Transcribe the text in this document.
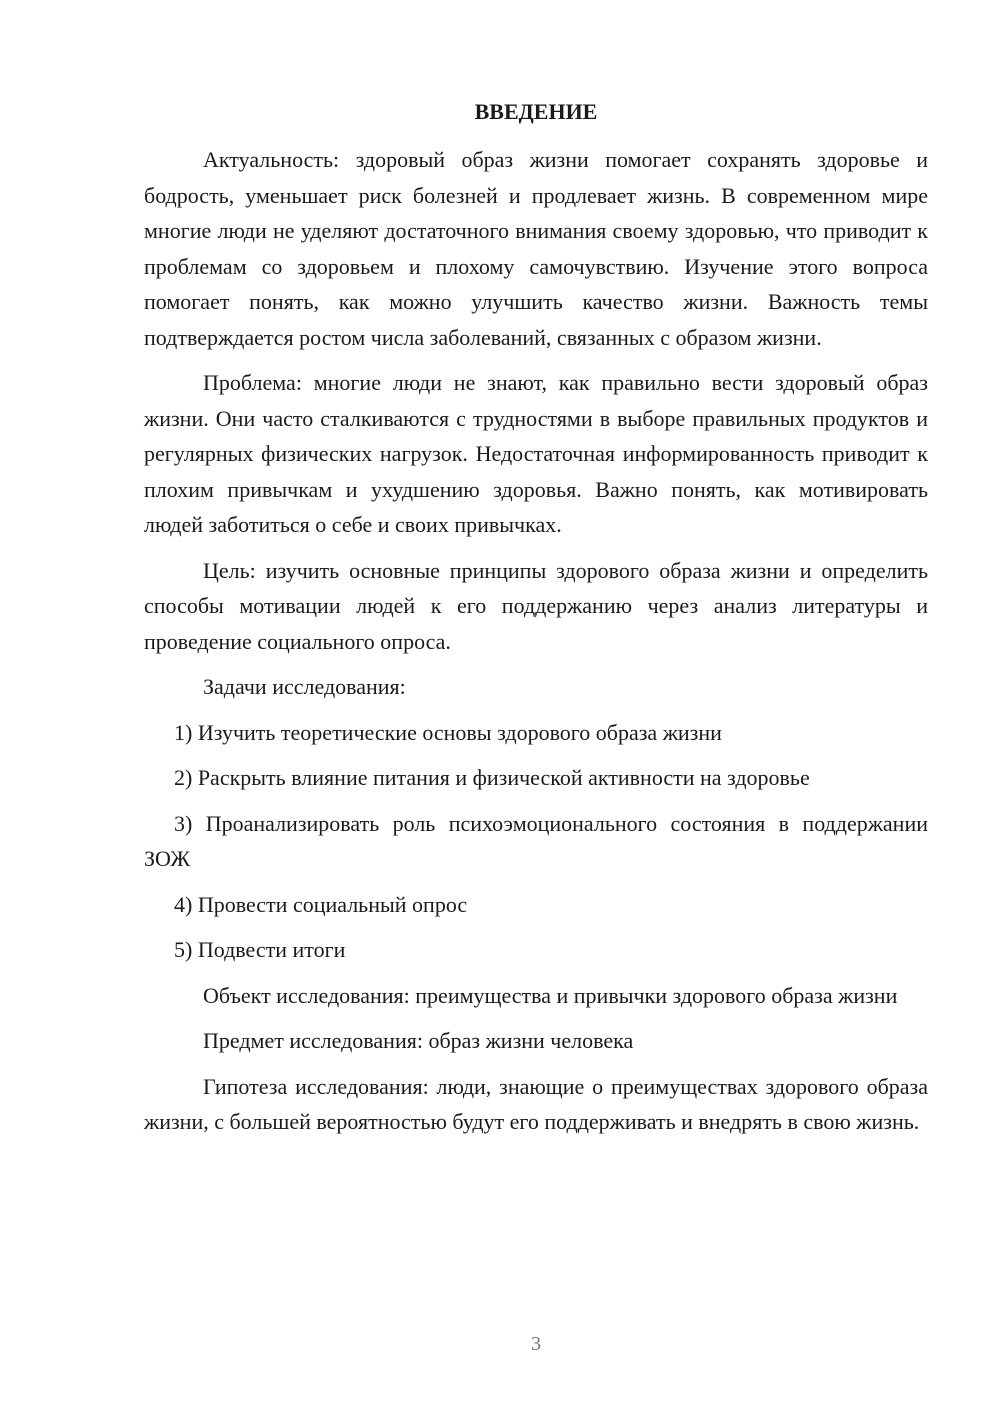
ВВЕДЕНИЕ

Актуальность: здоровый образ жизни помогает сохранять здоровье и бодрость, уменьшает риск болезней и продлевает жизнь. В современном мире многие люди не уделяют достаточного внимания своему здоровью, что приводит к проблемам со здоровьем и плохому самочувствию. Изучение этого вопроса помогает понять, как можно улучшить качество жизни. Важность темы подтверждается ростом числа заболеваний, связанных с образом жизни.

Проблема: многие люди не знают, как правильно вести здоровый образ жизни. Они часто сталкиваются с трудностями в выборе правильных продуктов и регулярных физических нагрузок. Недостаточная информированность приводит к плохим привычкам и ухудшению здоровья. Важно понять, как мотивировать людей заботиться о себе и своих привычках.

Цель: изучить основные принципы здорового образа жизни и определить способы мотивации людей к его поддержанию через анализ литературы и проведение социального опроса.

Задачи исследования:

1) Изучить теоретические основы здорового образа жизни

2) Раскрыть влияние питания и физической активности на здоровье

3) Проанализировать роль психоэмоционального состояния в поддержании ЗОЖ

4) Провести социальный опрос

5) Подвести итоги

Объект исследования: преимущества и привычки здорового образа жизни

Предмет исследования: образ жизни человека

Гипотеза исследования: люди, знающие о преимуществах здорового образа жизни, с большей вероятностью будут его поддерживать и внедрять в свою жизнь.

3
